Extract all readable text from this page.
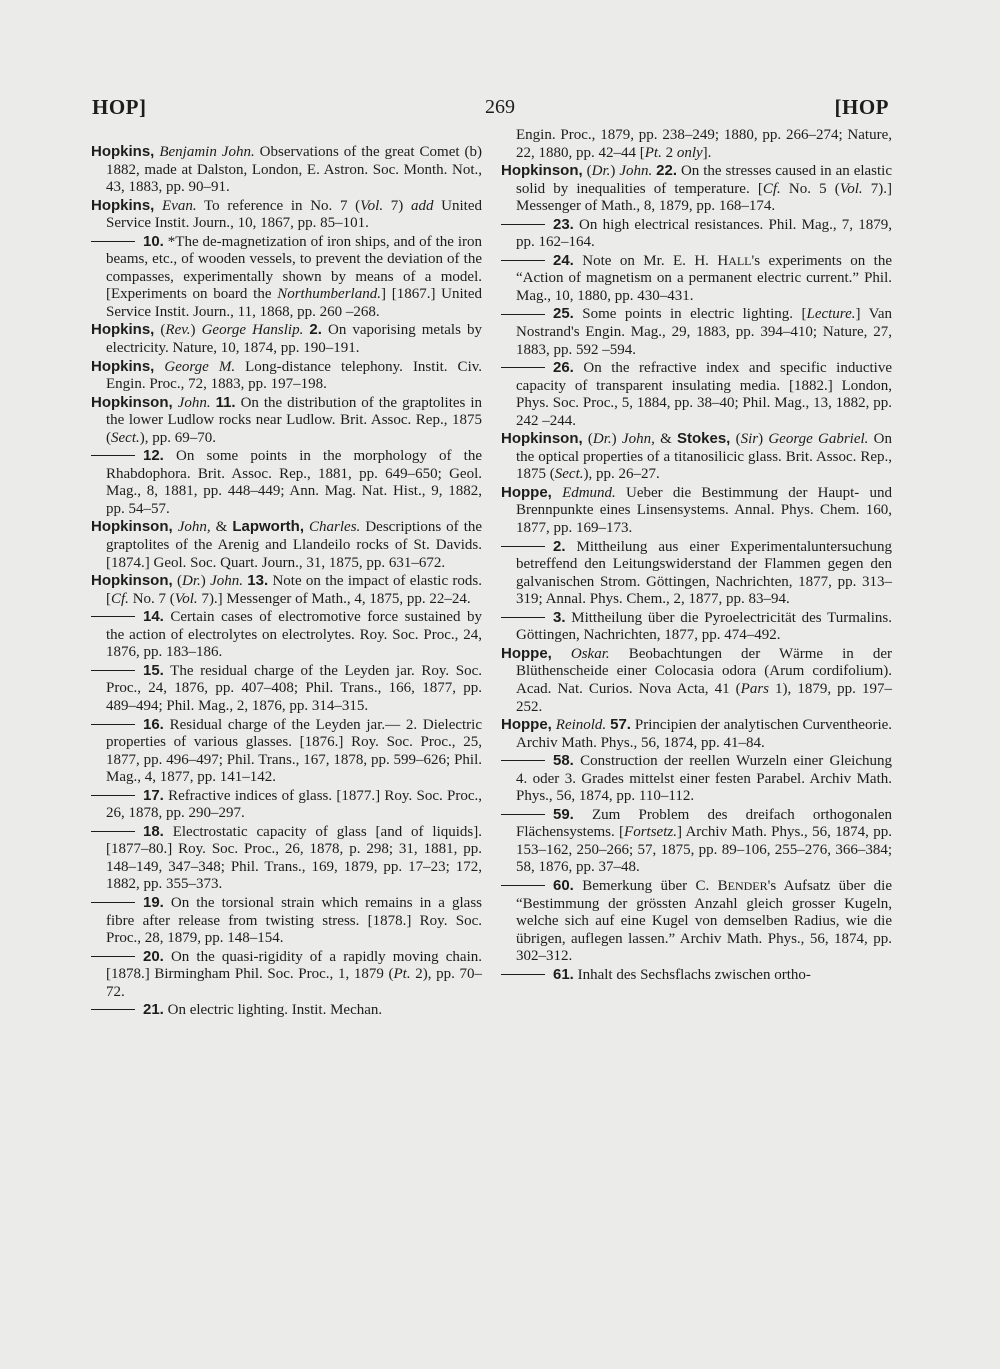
HOP]	269	[HOP

Hopkins, Benjamin John. Observations of the great Comet (b) 1882, made at Dalston, London, E. Astron. Soc. Month. Not., 43, 1883, pp. 90–91.

Hopkins, Evan. To reference in No. 7 (Vol. 7) add United Service Instit. Journ., 10, 1867, pp. 85–101.

10. *The de-magnetization of iron ships, and of the iron beams, etc., of wooden vessels, to prevent the deviation of the compasses, experimentally shown by means of a model. [Experiments on board the Northumberland.] [1867.] United Service Instit. Journ., 11, 1868, pp. 260 –268.

Hopkins, (Rev.) George Hanslip. 2. On vaporising metals by electricity. Nature, 10, 1874, pp. 190–191.

Hopkins, George M. Long-distance telephony. Instit. Civ. Engin. Proc., 72, 1883, pp. 197–198.

Hopkinson, John. 11. On the distribution of the graptolites in the lower Ludlow rocks near Ludlow. Brit. Assoc. Rep., 1875 (Sect.), pp. 69–70.

12. On some points in the morphology of the Rhabdophora. Brit. Assoc. Rep., 1881, pp. 649–650; Geol. Mag., 8, 1881, pp. 448–449; Ann. Mag. Nat. Hist., 9, 1882, pp. 54–57.

Hopkinson, John, & Lapworth, Charles. Descriptions of the graptolites of the Arenig and Llandeilo rocks of St. Davids. [1874.] Geol. Soc. Quart. Journ., 31, 1875, pp. 631–672.

Hopkinson, (Dr.) John. 13. Note on the impact of elastic rods. [Cf. No. 7 (Vol. 7).] Messenger of Math., 4, 1875, pp. 22–24.

14. Certain cases of electromotive force sustained by the action of electrolytes on electrolytes. Roy. Soc. Proc., 24, 1876, pp. 183–186.

15. The residual charge of the Leyden jar. Roy. Soc. Proc., 24, 1876, pp. 407–408; Phil. Trans., 166, 1877, pp. 489–494; Phil. Mag., 2, 1876, pp. 314–315.

16. Residual charge of the Leyden jar.— 2. Dielectric properties of various glasses. [1876.] Roy. Soc. Proc., 25, 1877, pp. 496–497; Phil. Trans., 167, 1878, pp. 599–626; Phil. Mag., 4, 1877, pp. 141–142.

17. Refractive indices of glass. [1877.] Roy. Soc. Proc., 26, 1878, pp. 290–297.

18. Electrostatic capacity of glass [and of liquids]. [1877–80.] Roy. Soc. Proc., 26, 1878, p. 298; 31, 1881, pp. 148–149, 347–348; Phil. Trans., 169, 1879, pp. 17–23; 172, 1882, pp. 355–373.

19. On the torsional strain which remains in a glass fibre after release from twisting stress. [1878.] Roy. Soc. Proc., 28, 1879, pp. 148–154.

20. On the quasi-rigidity of a rapidly moving chain. [1878.] Birmingham Phil. Soc. Proc., 1, 1879 (Pt. 2), pp. 70–72.

21. On electric lighting. Instit. Mechan.

Engin. Proc., 1879, pp. 238–249; 1880, pp. 266–274; Nature, 22, 1880, pp. 42–44 [Pt. 2 only].

Hopkinson, (Dr.) John. 22. On the stresses caused in an elastic solid by inequalities of temperature. [Cf. No. 5 (Vol. 7).] Messenger of Math., 8, 1879, pp. 168–174.

23. On high electrical resistances. Phil. Mag., 7, 1879, pp. 162–164.

24. Note on Mr. E. H. HALL's experiments on the “Action of magnetism on a permanent electric current.” Phil. Mag., 10, 1880, pp. 430–431.

25. Some points in electric lighting. [Lecture.] Van Nostrand's Engin. Mag., 29, 1883, pp. 394–410; Nature, 27, 1883, pp. 592 –594.

26. On the refractive index and specific inductive capacity of transparent insulating media. [1882.] London, Phys. Soc. Proc., 5, 1884, pp. 38–40; Phil. Mag., 13, 1882, pp. 242 –244.

Hopkinson, (Dr.) John, & Stokes, (Sir) George Gabriel. On the optical properties of a titanosilicic glass. Brit. Assoc. Rep., 1875 (Sect.), pp. 26–27.

Hoppe, Edmund. Ueber die Bestimmung der Haupt- und Brennpunkte eines Linsensystems. Annal. Phys. Chem. 160, 1877, pp. 169–173.

2. Mittheilung aus einer Experimentaluntersuchung betreffend den Leitungswiderstand der Flammen gegen den galvanischen Strom. Göttingen, Nachrichten, 1877, pp. 313–319; Annal. Phys. Chem., 2, 1877, pp. 83–94.

3. Mittheilung über die Pyroelectricität des Turmalins. Göttingen, Nachrichten, 1877, pp. 474–492.

Hoppe, Oskar. Beobachtungen der Wärme in der Blüthenscheide einer Colocasia odora (Arum cordifolium). Acad. Nat. Curios. Nova Acta, 41 (Pars 1), 1879, pp. 197–252.

Hoppe, Reinold. 57. Principien der analytischen Curventheorie. Archiv Math. Phys., 56, 1874, pp. 41–84.

58. Construction der reellen Wurzeln einer Gleichung 4. oder 3. Grades mittelst einer festen Parabel. Archiv Math. Phys., 56, 1874, pp. 110–112.

59. Zum Problem des dreifach orthogonalen Flächensystems. [Fortsetz.] Archiv Math. Phys., 56, 1874, pp. 153–162, 250–266; 57, 1875, pp. 89–106, 255–276, 366–384; 58, 1876, pp. 37–48.

60. Bemerkung über C. BENDER's Aufsatz über die “Bestimmung der grössten Anzahl gleich grosser Kugeln, welche sich auf eine Kugel von demselben Radius, wie die übrigen, auflegen lassen.” Archiv Math. Phys., 56, 1874, pp. 302–312.

61. Inhalt des Sechsflachs zwischen ortho-
